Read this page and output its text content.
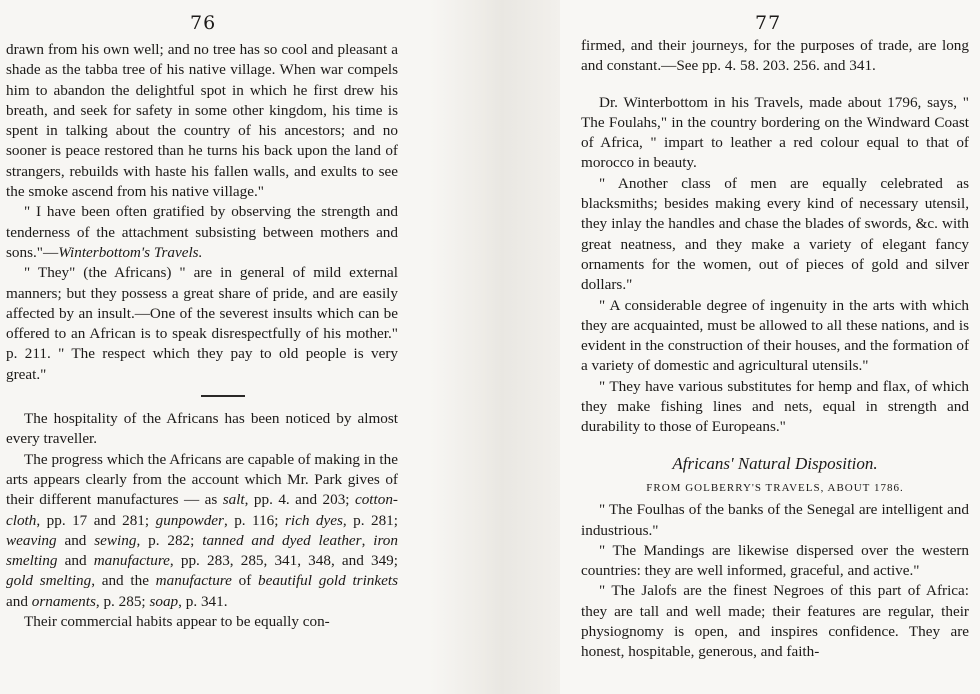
76

drawn from his own well; and no tree has so cool and pleasant a shade as the tabba tree of his native village. When war compels him to abandon the delightful spot in which he first drew his breath, and seek for safety in some other kingdom, his time is spent in talking about the country of his ancestors; and no sooner is peace restored than he turns his back upon the land of strangers, rebuilds with haste his fallen walls, and exults to see the smoke ascend from his native village."

" I have been often gratified by observing the strength and tenderness of the attachment subsisting between mothers and sons."—Winterbottom's Travels.

" They" (the Africans) " are in general of mild external manners; but they possess a great share of pride, and are easily affected by an insult.—One of the severest insults which can be offered to an African is to speak disrespectfully of his mother." p. 211. " The respect which they pay to old people is very great."

The hospitality of the Africans has been noticed by almost every traveller.

The progress which the Africans are capable of making in the arts appears clearly from the account which Mr. Park gives of their different manufactures — as salt, pp. 4. and 203; cotton-cloth, pp. 17 and 281; gunpowder, p. 116; rich dyes, p. 281; weaving and sewing, p. 282; tanned and dyed leather, iron smelting and manufacture, pp. 283, 285, 341, 348, and 349; gold smelting, and the manufacture of beautiful gold trinkets and ornaments, p. 285; soap, p. 341.

Their commercial habits appear to be equally con-

77

firmed, and their journeys, for the purposes of trade, are long and constant.—See pp. 4. 58. 203. 256. and 341.

Dr. Winterbottom in his Travels, made about 1796, says, " The Foulahs," in the country bordering on the Windward Coast of Africa, " impart to leather a red colour equal to that of morocco in beauty.

" Another class of men are equally celebrated as blacksmiths; besides making every kind of necessary utensil, they inlay the handles and chase the blades of swords, &c. with great neatness, and they make a variety of elegant fancy ornaments for the women, out of pieces of gold and silver dollars."

" A considerable degree of ingenuity in the arts with which they are acquainted, must be allowed to all these nations, and is evident in the construction of their houses, and the formation of a variety of domestic and agricultural utensils."

" They have various substitutes for hemp and flax, of which they make fishing lines and nets, equal in strength and durability to those of Europeans."

Africans' Natural Disposition.
FROM GOLBERRY'S TRAVELS, ABOUT 1786.

" The Foulhas of the banks of the Senegal are intelligent and industrious."

" The Mandings are likewise dispersed over the western countries: they are well informed, graceful, and active."

" The Jalofs are the finest Negroes of this part of Africa: they are tall and well made; their features are regular, their physiognomy is open, and inspires confidence. They are honest, hospitable, generous, and faith-
